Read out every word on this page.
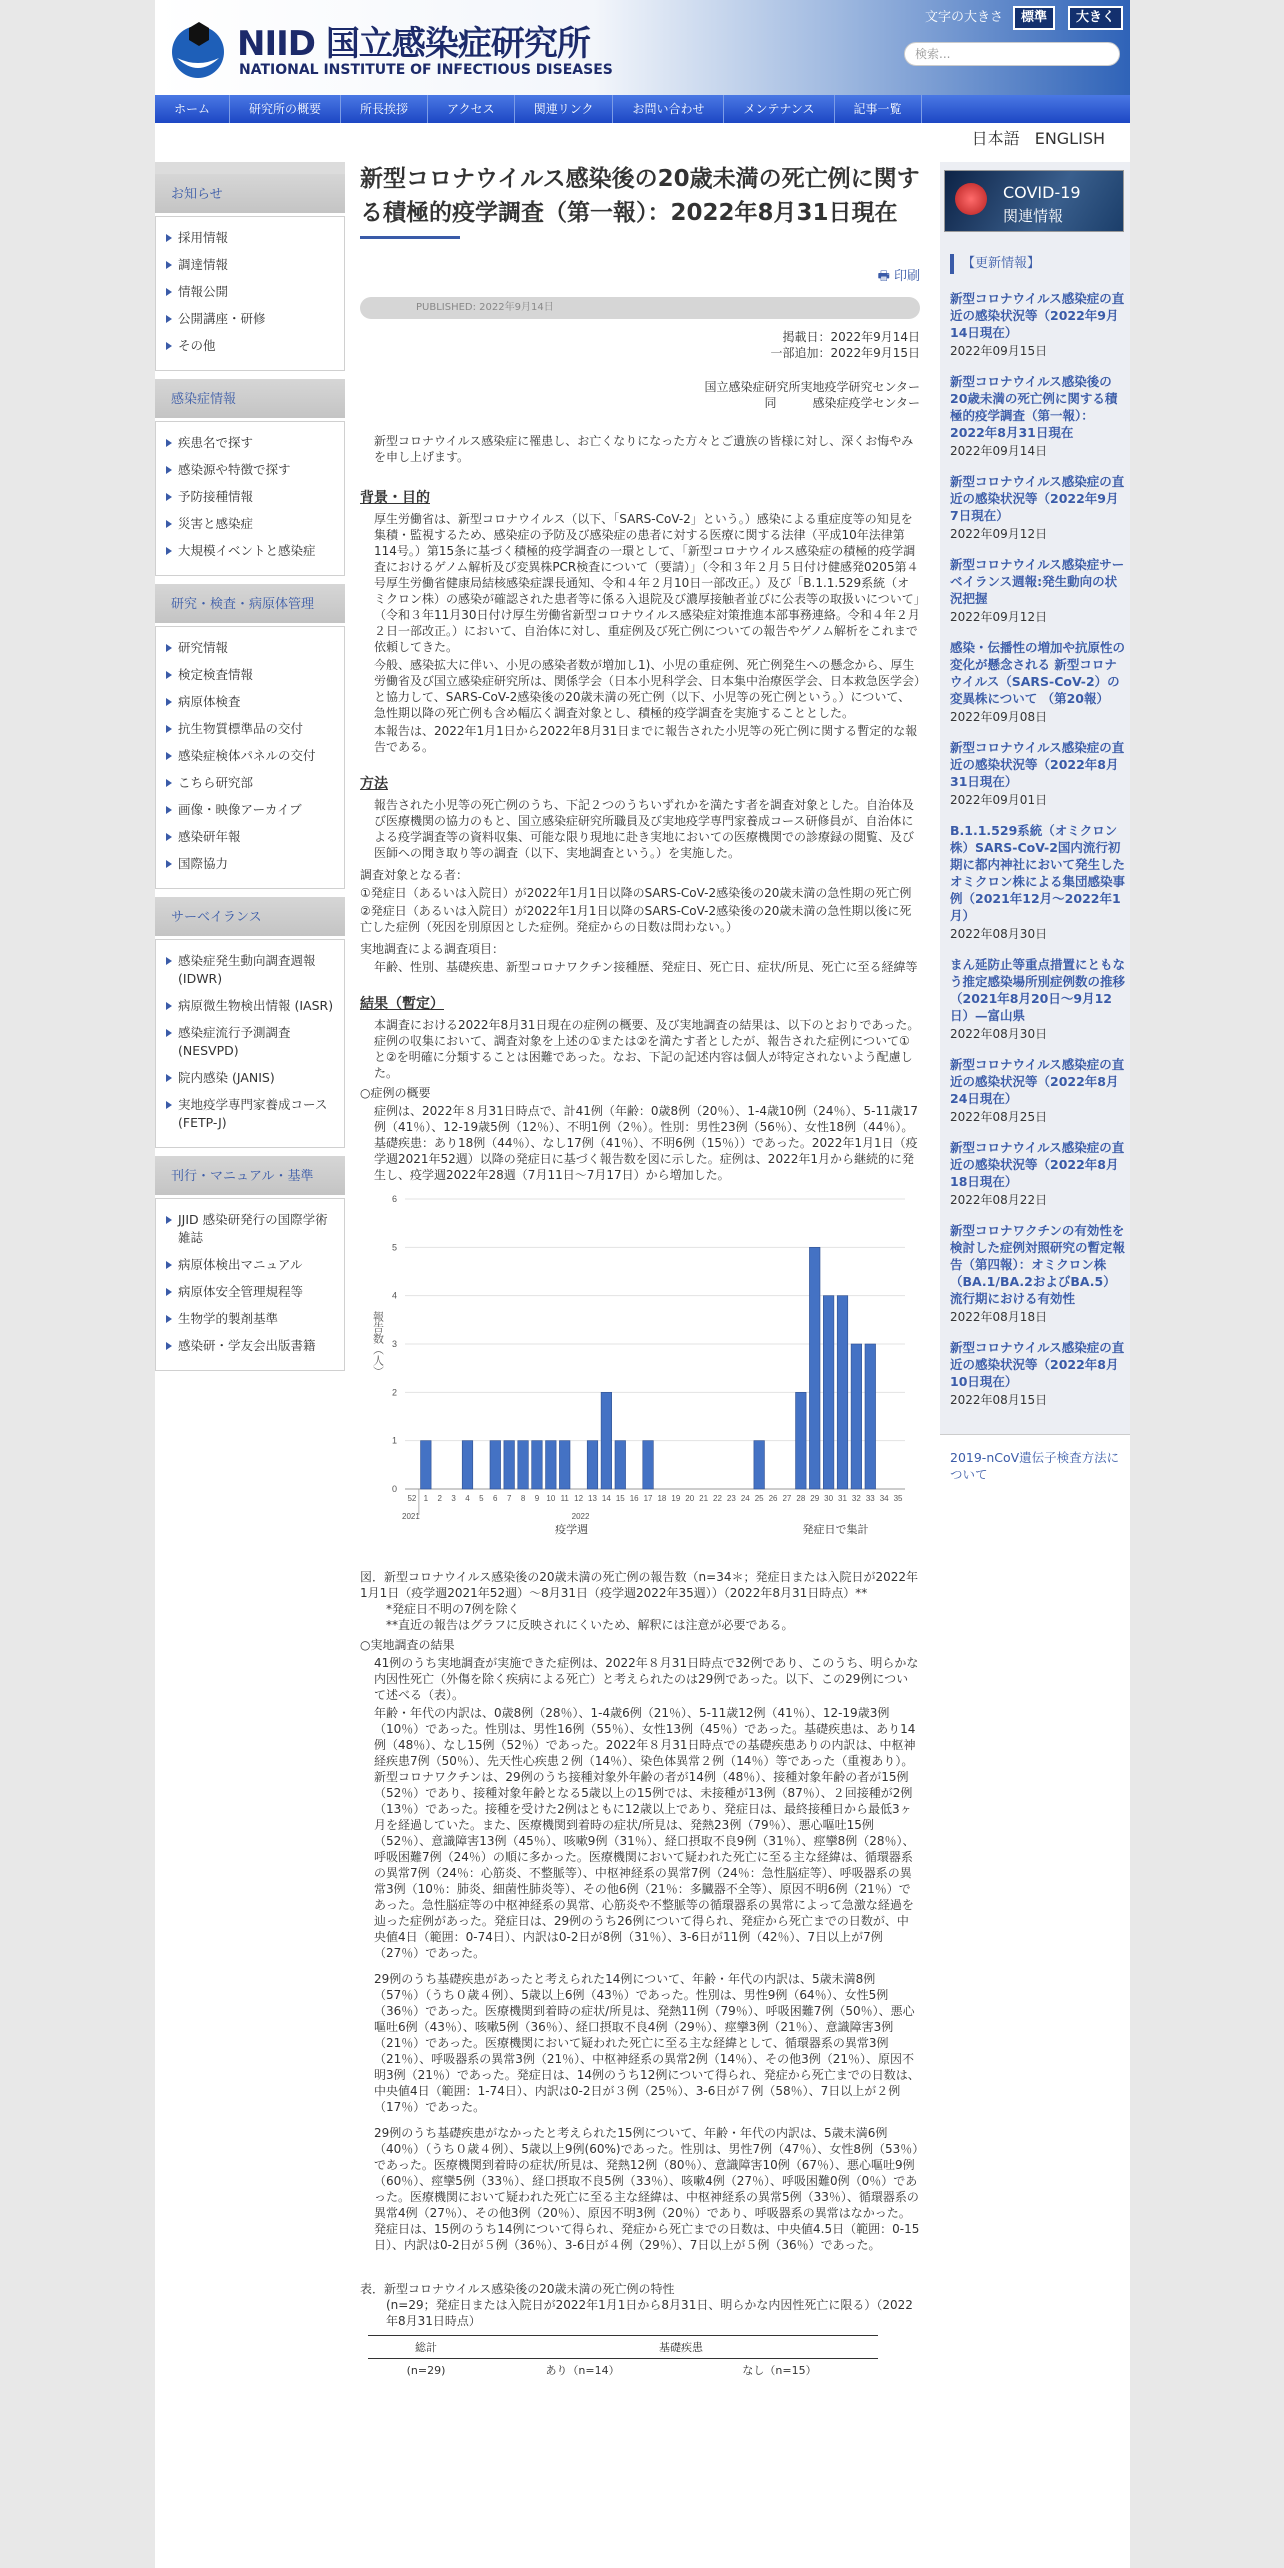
NIID 国立感染症研究所
NATIONAL INSTITUTE OF INFECTIOUS DISEASES
文字の大きさ	標準	大きく
検索...
ホーム	研究所の概要	所長挨拶	アクセス	関連リンク	お問い合わせ	メンテナンス	記事一覧
日本語 ENGLISH
お知らせ
採用情報
調達情報
情報公開
公開講座・研修
その他
感染症情報
疾患名で探す
感染源や特徴で探す
予防接種情報
災害と感染症
大規模イベントと感染症
研究・検査・病原体管理
研究情報
検定検査情報
病原体検査
抗生物質標準品の交付
感染症検体パネルの交付
こちら研究部
画像・映像アーカイブ
感染研年報
国際協力
サーベイランス
感染症発生動向調査週報(IDWR)
病原微生物検出情報 (IASR)
感染症流行予測調査 (NESVPD)
院内感染 (JANIS)
実地疫学専門家養成コース(FETP-J)
刊行・マニュアル・基準
JJID 感染研発行の国際学術雑誌
病原体検出マニュアル
病原体安全管理規程等
生物学的製剤基準
感染研・学友会出版書籍
新型コロナウイルス感染後の20歳未満の死亡例に関する積極的疫学調査（第一報）：2022年8月31日現在
🖶 印刷
PUBLISHED: 2022年9月14日
掲載日：2022年9月14日
一部追加：2022年9月15日
国立感染症研究所実地疫学研究センター
同　　　感染症疫学センター
新型コロナウイルス感染症に罹患し、お亡くなりになった方々とご遺族の皆様に対し、深くお悔やみを申し上げます。
背景・目的
厚生労働省は、新型コロナウイルス（以下、「SARS-CoV-2」という。）感染による重症度等の知見を集積・監視するため、感染症の予防及び感染症の患者に対する医療に関する法律（平成10年法律第114号。）第15条に基づく積極的疫学調査の一環として、「新型コロナウイルス感染症の積極的疫学調査におけるゲノム解析及び変異株PCR検査について（要請）」（令和３年２月５日付け健感発0205第４号厚生労働省健康局結核感染症課長通知、令和４年２月10日一部改正。）及び「B.1.1.529系統（オミクロン株）の感染が確認された患者等に係る入退院及び濃厚接触者並びに公表等の取扱いについて」（令和３年11月30日付け厚生労働省新型コロナウイルス感染症対策推進本部事務連絡。令和４年２月２日一部改正。）において、自治体に対し、重症例及び死亡例についての報告やゲノム解析をこれまで依頼してきた。
今般、感染拡大に伴い、小児の感染者数が増加し1)、小児の重症例、死亡例発生への懸念から、厚生労働省及び国立感染症研究所は、関係学会（日本小児科学会、日本集中治療医学会、日本救急医学会）と協力して、SARS-CoV-2感染後の20歳未満の死亡例（以下、小児等の死亡例という。）について、急性期以降の死亡例も含め幅広く調査対象とし、積極的疫学調査を実施することとした。
本報告は、2022年1月1日から2022年8月31日までに報告された小児等の死亡例に関する暫定的な報告である。
方法
報告された小児等の死亡例のうち、下記２つのうちいずれかを満たす者を調査対象とした。自治体及び医療機関の協力のもと、国立感染症研究所職員及び実地疫学専門家養成コース研修員が、自治体による疫学調査等の資料収集、可能な限り現地に赴き実地においての医療機関での診療録の閲覧、及び医師への聞き取り等の調査（以下、実地調査という。）を実施した。
調査対象となる者：
①発症日（あるいは入院日）が2022年1月1日以降のSARS-CoV-2感染後の20歳未満の急性期の死亡例
②発症日（あるいは入院日）が2022年1月1日以降のSARS-CoV-2感染後の20歳未満の急性期以後に死亡した症例（死因を別原因とした症例。発症からの日数は問わない。）
実地調査による調査項目：
年齢、性別、基礎疾患、新型コロナワクチン接種歴、発症日、死亡日、症状/所見、死亡に至る経緯等
結果（暫定）
本調査における2022年8月31日現在の症例の概要、及び実地調査の結果は、以下のとおりであった。症例の収集において、調査対象を上述の①または②を満たす者としたが、報告された症例について①と②を明確に分類することは困難であった。なお、下記の記述内容は個人が特定されないよう配慮した。
○症例の概要
症例は、2022年８月31日時点で、計41例（年齢：0歳8例（20％）、1-4歳10例（24％）、5-11歳17例（41％）、12-19歳5例（12％）、不明1例（2％）。性別：男性23例（56％）、女性18例（44％）。基礎疾患：あり18例（44％）、なし17例（41％）、不明6例（15％））であった。2022年1月1日（疫学週2021年52週）以降の発症日に基づく報告数を図に示した。症例は、2022年1月から継続的に発生し、疫学週2022年28週（7月11日〜7月17日）から増加した。
0
1
2
3
4
5
6
52 1 2 3 4 5 6 7 8 9 10 11 12 13 14 15 16 17 18 19 20 21 22 23 24 25 26 27 28 29 30 31 32 33 34 35
2021	2022
疫学週	発症日で集計
報告数（人）
図．新型コロナウイルス感染後の20歳未満の死亡例の報告数（n=34＊；発症日または入院日が2022年1月1日（疫学週2021年52週）〜8月31日（疫学週2022年35週））（2022年8月31日時点）**
*発症日不明の7例を除く
**直近の報告はグラフに反映されにくいため、解釈には注意が必要である。
○実地調査の結果
41例のうち実地調査が実施できた症例は、2022年８月31日時点で32例であり、このうち、明らかな内因性死亡（外傷を除く疾病による死亡）と考えられたのは29例であった。以下、この29例について述べる（表）。
年齢・年代の内訳は、0歳8例（28％）、1-4歳6例（21％）、5-11歳12例（41％）、12-19歳3例（10％）であった。性別は、男性16例（55％）、女性13例（45％）であった。基礎疾患は、あり14例（48％）、なし15例（52％）であった。2022年８月31日時点での基礎疾患ありの内訳は、中枢神経疾患7例（50％）、先天性心疾患２例（14％）、染色体異常２例（14％）等であった（重複あり）。新型コロナワクチンは、29例のうち接種対象外年齢の者が14例（48％）、接種対象年齢の者が15例（52％）であり、接種対象年齢となる5歳以上の15例では、未接種が13例（87％）、２回接種が2例（13％）であった。接種を受けた2例はともに12歳以上であり、発症日は、最終接種日から最低3ヶ月を経過していた。また、医療機関到着時の症状/所見は、発熱23例（79％）、悪心嘔吐15例（52％）、意識障害13例（45％）、咳嗽9例（31％）、経口摂取不良9例（31％）、痙攣8例（28％）、呼吸困難7例（24％）の順に多かった。医療機関において疑われた死亡に至る主な経緯は、循環器系の異常7例（24％：心筋炎、不整脈等）、中枢神経系の異常7例（24％：急性脳症等）、呼吸器系の異常3例（10％：肺炎、細菌性肺炎等）、その他6例（21％：多臓器不全等）、原因不明6例（21％）であった。急性脳症等の中枢神経系の異常、心筋炎や不整脈等の循環器系の異常によって急激な経過を辿った症例があった。発症日は、29例のうち26例について得られ、発症から死亡までの日数が、中央値4日（範囲：0-74日）、内訳は0-2日が8例（31％）、3-6日が11例（42％）、7日以上が7例（27％）であった。
29例のうち基礎疾患があったと考えられた14例について、年齢・年代の内訳は、5歳未満8例（57％）（うち０歳４例）、5歳以上6例（43％）であった。性別は、男性9例（64％）、女性5例（36％）であった。医療機関到着時の症状/所見は、発熱11例（79％）、呼吸困難7例（50％）、悪心嘔吐6例（43％）、咳嗽5例（36％）、経口摂取不良4例（29％）、痙攣3例（21％）、意識障害3例（21％）であった。医療機関において疑われた死亡に至る主な経緯として、循環器系の異常3例（21％）、呼吸器系の異常3例（21％）、中枢神経系の異常2例（14％）、その他3例（21％）、原因不明3例（21％）であった。発症日は、14例のうち12例について得られ、発症から死亡までの日数は、中央値4日（範囲：1-74日）、内訳は0-2日が３例（25％）、3-6日が７例（58％）、7日以上が２例（17％）であった。
29例のうち基礎疾患がなかったと考えられた15例について、年齢・年代の内訳は、5歳未満6例（40％）（うち０歳４例）、5歳以上9例(60%)であった。性別は、男性7例（47％）、女性8例（53％）であった。医療機関到着時の症状/所見は、発熱12例（80％）、意識障害10例（67％）、悪心嘔吐9例（60％）、痙攣5例（33％）、経口摂取不良5例（33％）、咳嗽4例（27％）、呼吸困難0例（0％）であった。医療機関において疑われた死亡に至る主な経緯は、中枢神経系の異常5例（33％）、循環器系の異常4例（27％）、その他3例（20％）、原因不明3例（20％）であり、呼吸器系の異常はなかった。発症日は、15例のうち14例について得られ、発症から死亡までの日数は、中央値4.5日（範囲：0-15日）、内訳は0-2日が５例（36％）、3-6日が４例（29％）、7日以上が５例（36％）であった。
表．新型コロナウイルス感染後の20歳未満の死亡例の特性
(n=29；発症日または入院日が2022年1月1日から8月31日、明らかな内因性死亡に限る）（2022年8月31日時点）
総計	基礎疾患	
(n=29)	あり（n=14）	なし（n=15）
COVID-19
関連情報
【更新情報】
新型コロナウイルス感染症の直近の感染状況等（2022年9月14日現在）
2022年09月15日
新型コロナウイルス感染後の20歳未満の死亡例に関する積極的疫学調査（第一報）：2022年8月31日現在
2022年09月14日
新型コロナウイルス感染症の直近の感染状況等（2022年9月7日現在）
2022年09月12日
新型コロナウイルス感染症サーベイランス週報:発生動向の状況把握
2022年09月12日
感染・伝播性の増加や抗原性の変化が懸念される 新型コロナウイルス（SARS-CoV-2）の変異株について （第20報）
2022年09月08日
新型コロナウイルス感染症の直近の感染状況等（2022年8月31日現在）
2022年09月01日
B.1.1.529系統（オミクロン株）SARS-CoV-2国内流行初期に都内神社において発生したオミクロン株による集団感染事例（2021年12月〜2022年1月）
2022年08月30日
まん延防止等重点措置にともなう推定感染場所別症例数の推移（2021年8月20日〜9月12日）—富山県
2022年08月30日
新型コロナウイルス感染症の直近の感染状況等（2022年8月24日現在）
2022年08月25日
新型コロナウイルス感染症の直近の感染状況等（2022年8月18日現在）
2022年08月22日
新型コロナワクチンの有効性を検討した症例対照研究の暫定報告（第四報）：オミクロン株（BA.1/BA.2およびBA.5）流行期における有効性
2022年08月18日
新型コロナウイルス感染症の直近の感染状況等（2022年8月10日現在）
2022年08月15日
2019-nCoV遺伝子検査方法について
